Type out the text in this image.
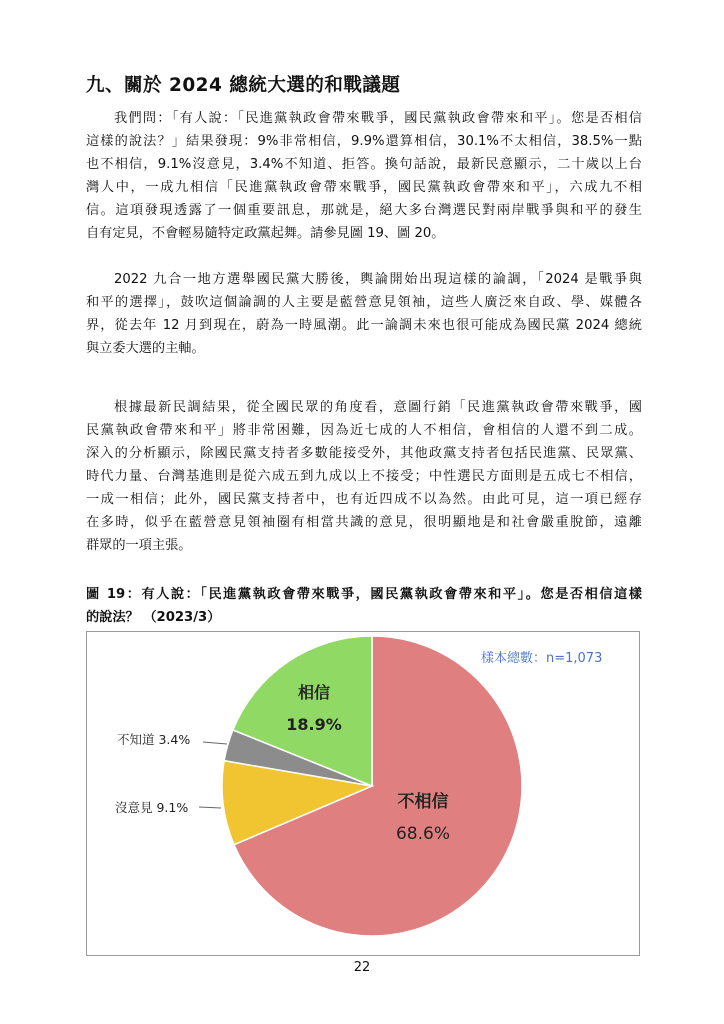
九、關於 2024 總統大選的和戰議題
我們問：「有人說：「民進黨執政會帶來戰爭，國民黨執政會帶來和平」。您是否相信
這樣的說法？」結果發現：9%非常相信，9.9%還算相信，30.1%不太相信，38.5%一點
也不相信，9.1%沒意見，3.4%不知道、拒答。換句話說，最新民意顯示，二十歲以上台
灣人中，一成九相信「民進黨執政會帶來戰爭，國民黨執政會帶來和平」，六成九不相
信。這項發現透露了一個重要訊息，那就是，絕大多台灣選民對兩岸戰爭與和平的發生
自有定見，不會輕易隨特定政黨起舞。請參見圖 19、圖 20。
2022 九合一地方選舉國民黨大勝後，輿論開始出現這樣的論調，「2024 是戰爭與
和平的選擇」，鼓吹這個論調的人主要是藍營意見領袖，這些人廣泛來自政、學、媒體各
界，從去年 12 月到現在，蔚為一時風潮。此一論調未來也很可能成為國民黨 2024 總統
與立委大選的主軸。
根據最新民調結果，從全國民眾的角度看，意圖行銷「民進黨執政會帶來戰爭，國
民黨執政會帶來和平」將非常困難，因為近七成的人不相信，會相信的人還不到二成。
深入的分析顯示，除國民黨支持者多數能接受外，其他政黨支持者包括民進黨、民眾黨、
時代力量、台灣基進則是從六成五到九成以上不接受；中性選民方面則是五成七不相信，
一成一相信；此外，國民黨支持者中，也有近四成不以為然。由此可見，這一項已經存
在多時，似乎在藍營意見領袖圈有相當共識的意見，很明顯地是和社會嚴重脫節，遠離
群眾的一項主張。
圖 19：有人說：「民進黨執政會帶來戰爭，國民黨執政會帶來和平」。您是否相信這樣
的說法？ （2023/3）
不知道 3.4%
沒意見 9.1%
相信
18.9%
不相信
68.6%
樣本總數：n=1,073
22
